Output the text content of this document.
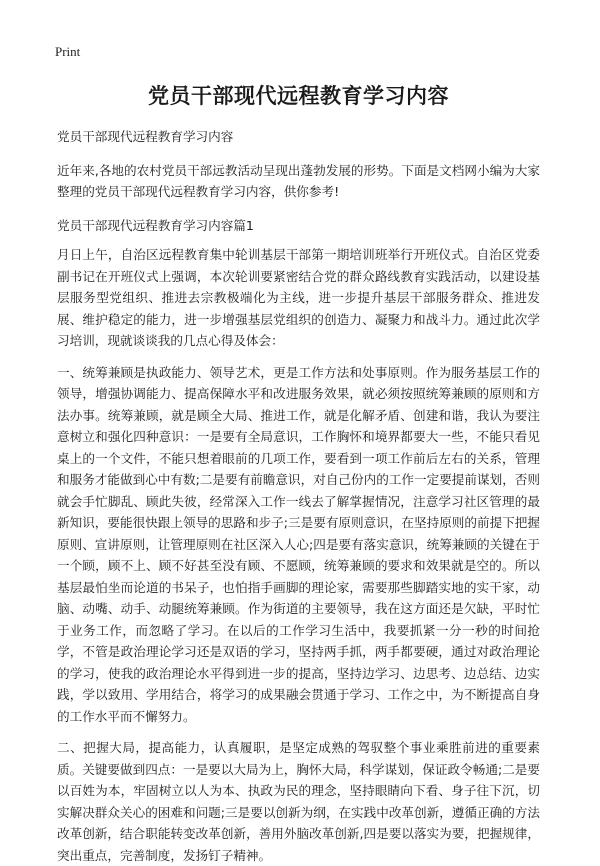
Print
党员干部现代远程教育学习内容

党员干部现代远程教育学习内容

近年来,各地的农村党员干部远教活动呈现出蓬勃发展的形势。下面是文档网小编为大家整理的党员干部现代远程教育学习内容，供你参考!

党员干部现代远程教育学习内容篇1

月日上午，自治区远程教育集中轮训基层干部第一期培训班举行开班仪式。自治区党委副书记在开班仪式上强调，本次轮训要紧密结合党的群众路线教育实践活动，以建设基层服务型党组织、推进去宗教极端化为主线，进一步提升基层干部服务群众、推进发展、维护稳定的能力，进一步增强基层党组织的创造力、凝聚力和战斗力。通过此次学习培训，现就谈谈我的几点心得及体会：

一、统筹兼顾是执政能力、领导艺术，更是工作方法和处事原则。作为服务基层工作的领导，增强协调能力、提高保障水平和改进服务效果，就必须按照统筹兼顾的原则和方法办事。统筹兼顾，就是顾全大局、推进工作，就是化解矛盾、创建和谐，我认为要注意树立和强化四种意识：一是要有全局意识，工作胸怀和境界都要大一些，不能只看见桌上的一个文件，不能只想着眼前的几项工作，要看到一项工作前后左右的关系，管理和服务才能做到心中有数;二是要有前瞻意识，对自己份内的工作一定要提前谋划，否则就会手忙脚乱、顾此失彼，经常深入工作一线去了解掌握情况，注意学习社区管理的最新知识，要能很快跟上领导的思路和步子;三是要有原则意识，在坚持原则的前提下把握原则、宣讲原则，让管理原则在社区深入人心;四是要有落实意识，统筹兼顾的关键在于一个顾，顾不上、顾不好甚至没有顾、不愿顾，统筹兼顾的要求和效果就是空的。所以基层最怕坐而论道的书呆子，也怕指手画脚的理论家，需要那些脚踏实地的实干家，动脑、动嘴、动手、动腿统筹兼顾。作为街道的主要领导，我在这方面还是欠缺，平时忙于业务工作，而忽略了学习。在以后的工作学习生活中，我要抓紧一分一秒的时间抢学，不管是政治理论学习还是双语的学习，坚持两手抓，两手都要硬，通过对政治理论的学习，使我的政治理论水平得到进一步的提高，坚持边学习、边思考、边总结、边实践，学以致用、学用结合，将学习的成果融会贯通于学习、工作之中，为不断提高自身的工作水平而不懈努力。

二、把握大局，提高能力，认真履职，是坚定成熟的驾驭整个事业乘胜前进的重要素质。关键要做到四点：一是要以大局为上，胸怀大局，科学谋划，保证政令畅通;二是要以百姓为本，牢固树立以人为本、执政为民的理念，坚持眼睛向下看、身子往下沉，切实解决群众关心的困难和问题;三是要以创新为纲，在实践中改革创新，遵循正确的方法改革创新，结合职能转变改革创新，善用外脑改革创新,四是要以落实为要，把握规律，突出重点，完善制度，发扬钉子精神。
